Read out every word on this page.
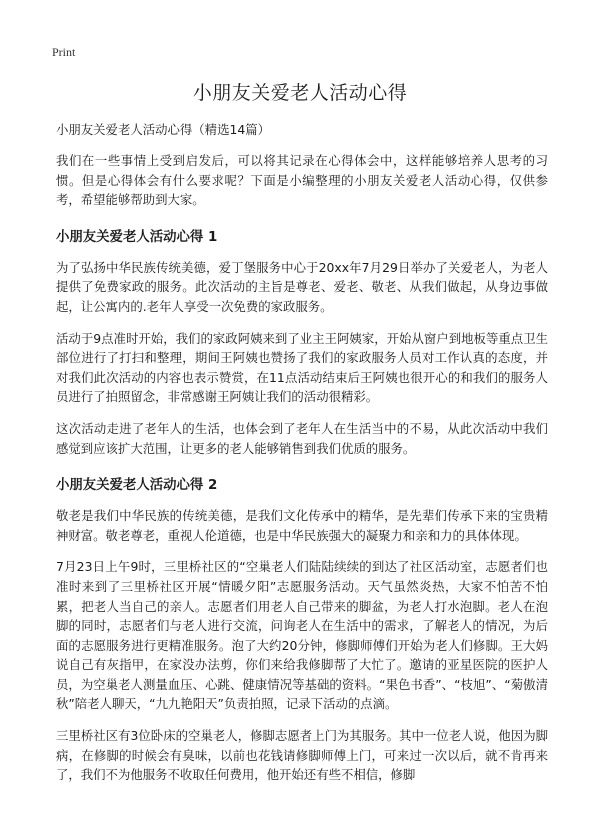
Print
小朋友关爱老人活动心得

小朋友关爱老人活动心得（精选14篇）

我们在一些事情上受到启发后，可以将其记录在心得体会中，这样能够培养人思考的习惯。但是心得体会有什么要求呢？下面是小编整理的小朋友关爱老人活动心得，仅供参考，希望能够帮助到大家。

小朋友关爱老人活动心得 1

为了弘扬中华民族传统美德，爱丁堡服务中心于20xx年7月29日举办了关爱老人，为老人提供了免费家政的服务。此次活动的主旨是尊老、爱老、敬老、从我们做起，从身边事做起，让公寓内的.老年人享受一次免费的家政服务。

活动于9点准时开始，我们的家政阿姨来到了业主王阿姨家，开始从窗户到地板等重点卫生部位进行了打扫和整理，期间王阿姨也赞扬了我们的家政服务人员对工作认真的态度，并对我们此次活动的内容也表示赞赏，在11点活动结束后王阿姨也很开心的和我们的服务人员进行了拍照留念，非常感谢王阿姨让我们的活动很精彩。

这次活动走进了老年人的生活，也体会到了老年人在生活当中的不易，从此次活动中我们感觉到应该扩大范围，让更多的老人能够销售到我们优质的服务。

小朋友关爱老人活动心得 2

敬老是我们中华民族的传统美德，是我们文化传承中的精华，是先辈们传承下来的宝贵精神财富。敬老尊老，重视人伦道德，也是中华民族强大的凝聚力和亲和力的具体体现。

7月23日上午9时，三里桥社区的“空巢老人们陆陆续续的到达了社区活动室，志愿者们也准时来到了三里桥社区开展“情暖夕阳”志愿服务活动。天气虽然炎热，大家不怕苦不怕累，把老人当自己的亲人。志愿者们用老人自己带来的脚盆，为老人打水泡脚。老人在泡脚的同时，志愿者们与老人进行交流，问询老人在生活中的需求，了解老人的情况，为后面的志愿服务进行更精准服务。泡了大约20分钟，修脚师傅们开始为老人们修脚。王大妈说自己有灰指甲，在家没办法剪，你们来给我修脚帮了大忙了。邀请的亚星医院的医护人员，为空巢老人测量血压、心跳、健康情况等基础的资料。“果色书香”、“枝旭”、“菊傲清秋”陪老人聊天，“九九艳阳天”负责拍照，记录下活动的点滴。

三里桥社区有3位卧床的空巢老人，修脚志愿者上门为其服务。其中一位老人说，他因为脚病，在修脚的时候会有臭味，以前也花钱请修脚师傅上门，可来过一次以后，就不肯再来了，我们不为他服务不收取任何费用，他开始还有些不相信，修脚
